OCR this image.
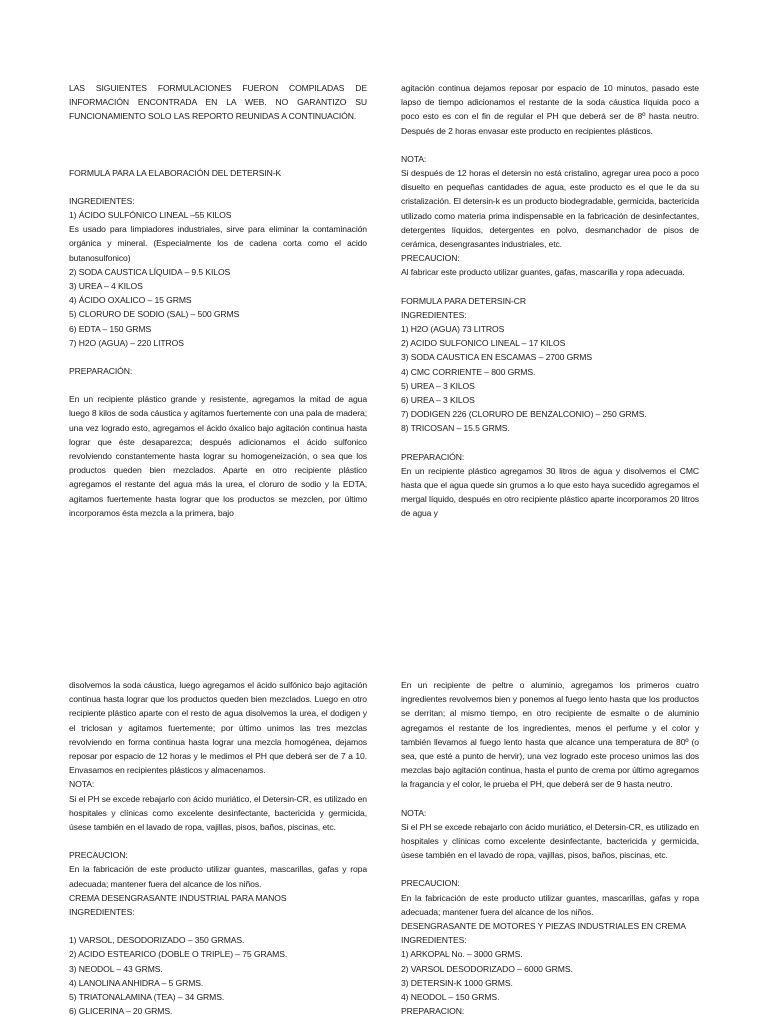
LAS SIGUIENTES FORMULACIONES FUERON COMPILADAS DE INFORMACIÓN ENCONTRADA EN LA WEB. NO GARANTIZO SU FUNCIONAMIENTO SOLO LAS REPORTO REUNIDAS A CONTINUACIÓN.

FORMULA PARA LA ELABORACIÓN DEL DETERSIN-K

INGREDIENTES:

1) ÁCIDO SULFÓNICO LINEAL –55 KILOS

Es usado para limpiadores industriales, sirve para eliminar la contaminación orgánica y mineral. (Especialmente los de cadena corta como el acido butanosulfonico)

2) SODA CAUSTICA LÍQUIDA – 9.5 KILOS

3) UREA – 4 KILOS

4) ÁCIDO OXALICO – 15 GRMS

5) CLORURO DE SODIO (SAL) – 500 GRMS

6) EDTA – 150 GRMS

7) H2O (AGUA) – 220 LITROS

PREPARACIÓN:

En un recipiente plástico grande y resistente, agregamos la mitad de agua luego 8 kilos de soda cáustica y agitamos fuertemente con una pala de madera; una vez logrado esto, agregamos el ácido óxalico bajo agitación continua hasta lograr que éste desaparezca; después adicionamos el ácido sulfonico revolviendo constantemente hasta lograr su homogeneización, o sea que los productos queden bien mezclados. Aparte en otro recipiente plástico agregamos el restante del agua más la urea, el cloruro de sodio y la EDTA, agitamos fuertemente hasta lograr que los productos se mezclen, por último incorporamos ésta mezcla a la primera, bajo

agitación continua dejamos reposar por espacio de 10 minutos, pasado este lapso de tiempo adicionamos el restante de la soda cáustica líquida poco a poco esto es con el fin de regular el PH que deberá ser de 8º hasta neutro. Después de 2 horas envasar este producto en recipientes plásticos.

NOTA:

Si después de 12 horas el detersin no está cristalino, agregar urea poco a poco disuelto en pequeñas cantidades de agua, este producto es el que le da su cristalización. El detersin-k es un producto biodegradable, germicida, bactericida utilizado como materia prima indispensable en la fabricación de desinfectantes, detergentes líquidos, detergentes en polvo, desmanchador de pisos de cerámica, desengrasantes industriales, etc.

PRECAUCION:

Al fabricar este producto utilizar guantes, gafas, mascarilla y ropa adecuada.

FORMULA PARA DETERSIN-CR

INGREDIENTES:

1) H2O (AGUA) 73 LITROS

2) ACIDO SULFONICO LINEAL – 17 KILOS

3) SODA CAUSTICA EN ESCAMAS – 2700 GRMS

4) CMC CORRIENTE – 800 GRMS.

5) UREA – 3 KILOS

6) UREA – 3 KILOS

7) DODIGEN 226 (CLORURO DE BENZALCONIO) – 250 GRMS.

8) TRICOSAN – 15.5 GRMS.

PREPARACIÓN:

En un recipiente plástico agregamos 30 litros de agua y disolvemos el CMC hasta que el agua quede sin grumos a lo que esto haya sucedido agregamos el mergal líquido, después en otro recipiente plástico aparte incorporamos 20 litros de agua y

disolvemos la soda cáustica, luego agregamos el ácido sulfónico bajo agitación continua hasta lograr que los productos queden bien mezclados. Luego en otro recipiente plástico aparte con el resto de agua disolvemos la urea, el dodigen y el triclosan y agitamos fuertemente; por último unimos las tres mezclas revolviendo en forma continua hasta lograr una mezcla homogénea, dejamos reposar por espacio de 12 horas y le medimos el PH que deberá ser de 7 a 10. Envasamos en recipientes plásticos y almacenamos.

NOTA:

Si el PH se excede rebajarlo con ácido muriático, el Detersin-CR, es utilizado en hospitales y clínicas como excelente desinfectante, bactericida y germicida, úsese también en el lavado de ropa, vajillas, pisos, baños, piscinas, etc.

PRECAUCION:

En la fabricación de este producto utilizar guantes, mascarillas, gafas y ropa adecuada; mantener fuera del alcance de los niños.

CREMA DESENGRASANTE INDUSTRIAL PARA MANOS

INGREDIENTES:

1) VARSOL, DESODORIZADO – 350 GRMAS.

2) ACIDO ESTEARICO (DOBLE O TRIPLE) – 75 GRAMS.

3) NEODOL – 43 GRMS.

4) LANOLINA ANHIDRA – 5 GRMS.

5) TRIATONALAMINA (TEA) – 34 GRMS.

6) GLICERINA – 20 GRMS.

En un recipiente de peltre o aluminio, agregamos los primeros cuatro ingredientes revolvemos bien y ponemos al fuego lento hasta que los productos se derritan; al mismo tiempo, en otro recipiente de esmalte o de aluminio agregamos el restante de los ingredientes, menos el perfume y el color y también llevamos al fuego lento hasta que alcance una temperatura de 80º (o sea, que esté a punto de hervir), una vez logrado este proceso unimos las dos mezclas bajo agitación continua, hasta el punto de crema por último agregamos la fragancia y el color, le prueba el PH, que deberá ser de 9 hasta neutro.

NOTA:

Si el PH se excede rebajarlo con ácido muriático, el Detersin-CR, es utilizado en hospitales y clínicas como excelente desinfectante, bactericida y germicida, úsese también en el lavado de ropa, vajillas, pisos, baños, piscinas, etc.

PRECAUCION:

En la fabricación de este producto utilizar guantes, mascarillas, gafas y ropa adecuada; mantener fuera del alcance de los niños.

DESENGRASANTE DE MOTORES Y PIEZAS INDUSTRIALES EN CREMA

INGREDIENTES:

1) ARKOPAL No. – 3000 GRMS.

2) VARSOL DESODORIZADO – 6000 GRMS.

3) DETERSIN-K 1000 GRMS.

4) NEODOL – 150 GRMS.

PREPARACION:
